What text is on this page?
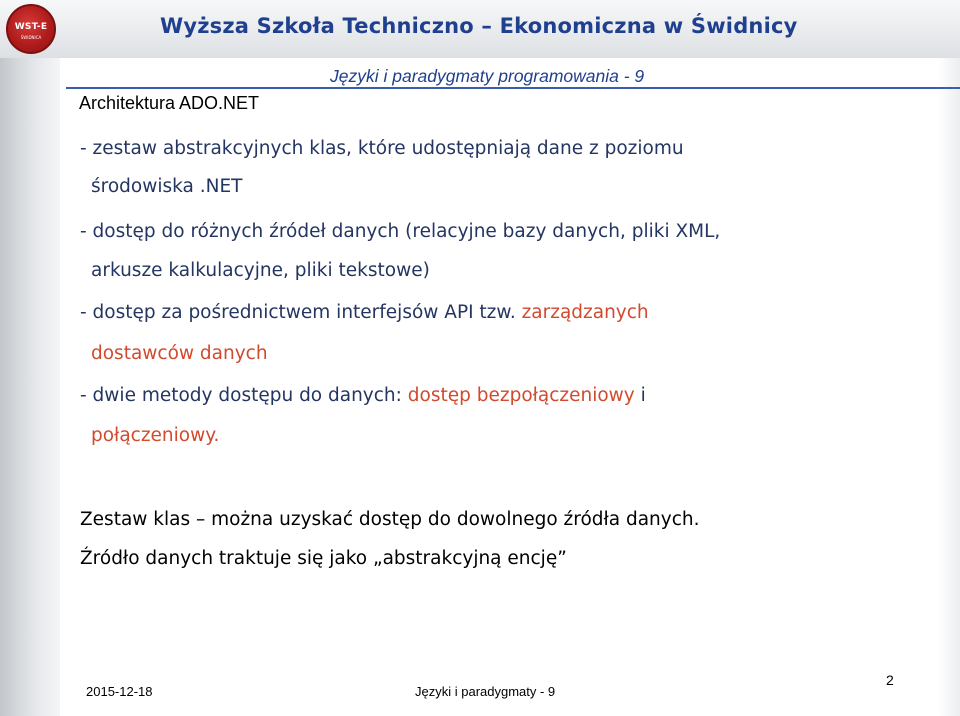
WST-E
ŚWIDNICA	Wyższa Szkoła Techniczno – Ekonomiczna w Świdnicy
Języki i paradygmaty programowania - 9
Architektura ADO.NET
- zestaw abstrakcyjnych klas, które udostępniają dane z poziomu
środowiska .NET
- dostęp do różnych źródeł danych (relacyjne bazy danych, pliki XML,
arkusze kalkulacyjne, pliki tekstowe)
- dostęp za pośrednictwem interfejsów API tzw. zarządzanych
dostawców danych
- dwie metody dostępu do danych: dostęp bezpołączeniowy i
połączeniowy.
Zestaw klas – można uzyskać dostęp do dowolnego źródła danych.
Źródło danych traktuje się jako „abstrakcyjną encję”
2015-12-18	Języki i paradygmaty - 9
2
